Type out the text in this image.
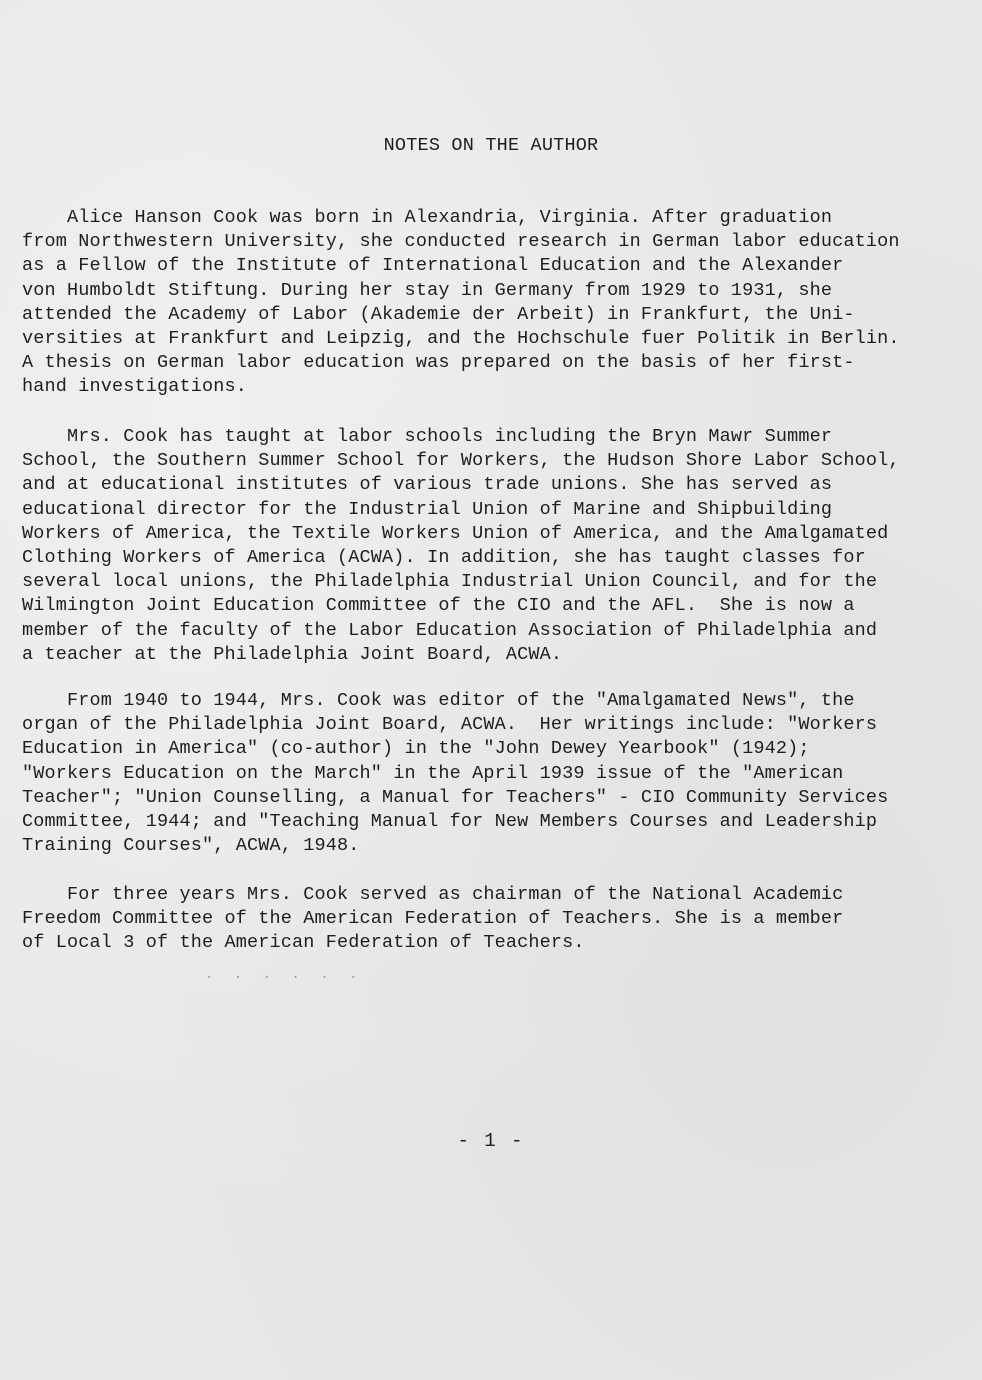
NOTES ON THE AUTHOR
Alice Hanson Cook was born in Alexandria, Virginia. After graduation
from Northwestern University, she conducted research in German labor education
as a Fellow of the Institute of International Education and the Alexander
von Humboldt Stiftung. During her stay in Germany from 1929 to 1931, she
attended the Academy of Labor (Akademie der Arbeit) in Frankfurt, the Uni-
versities at Frankfurt and Leipzig, and the Hochschule fuer Politik in Berlin.
A thesis on German labor education was prepared on the basis of her first-
hand investigations.
Mrs. Cook has taught at labor schools including the Bryn Mawr Summer
School, the Southern Summer School for Workers, the Hudson Shore Labor School,
and at educational institutes of various trade unions. She has served as
educational director for the Industrial Union of Marine and Shipbuilding
Workers of America, the Textile Workers Union of America, and the Amalgamated
Clothing Workers of America (ACWA). In addition, she has taught classes for
several local unions, the Philadelphia Industrial Union Council, and for the
Wilmington Joint Education Committee of the CIO and the AFL.  She is now a
member of the faculty of the Labor Education Association of Philadelphia and
a teacher at the Philadelphia Joint Board, ACWA.
From 1940 to 1944, Mrs. Cook was editor of the "Amalgamated News", the
organ of the Philadelphia Joint Board, ACWA.  Her writings include: "Workers
Education in America" (co-author) in the "John Dewey Yearbook" (1942);
"Workers Education on the March" in the April 1939 issue of the "American
Teacher"; "Union Counselling, a Manual for Teachers" - CIO Community Services
Committee, 1944; and "Teaching Manual for New Members Courses and Leadership
Training Courses", ACWA, 1948.
For three years Mrs. Cook served as chairman of the National Academic
Freedom Committee of the American Federation of Teachers. She is a member
of Local 3 of the American Federation of Teachers.
· · · · · ·
- 1 -
